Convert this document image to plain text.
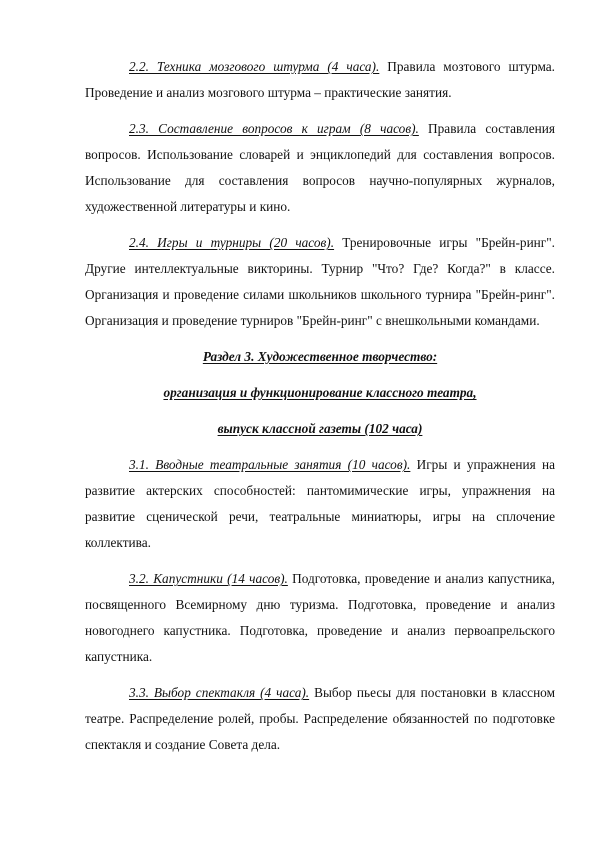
2.2. Техника мозгового штурма (4 часа). Правила мозтового штурма. Проведение и анализ мозгового штурма – практические занятия.

2.3. Составление вопросов к играм (8 часов). Правила составления вопросов. Использование словарей и энциклопедий для составления вопросов. Использование для составления вопросов научно-популярных журналов, художественной литературы и кино.

2.4. Игры и турниры (20 часов). Тренировочные игры "Брейн-ринг". Другие интеллектуальные викторины. Турнир "Что? Где? Когда?" в классе. Организация и проведение силами школьников школьного турнира "Брейн-ринг". Организация и проведение турниров "Брейн-ринг" с внешкольными командами.

Раздел 3. Художественное творчество:

организация и функционирование классного театра,

выпуск классной газеты (102 часа)

3.1. Вводные театральные занятия (10 часов). Игры и упражнения на развитие актерских способностей: пантомимические игры, упражнения на развитие сценической речи, театральные миниатюры, игры на сплочение коллектива.

3.2. Капустники (14 часов). Подготовка, проведение и анализ капустника, посвященного Всемирному дню туризма. Подготовка, проведение и анализ новогоднего капустника. Подготовка, проведение и анализ первоапрельского капустника.

3.3. Выбор спектакля (4 часа). Выбор пьесы для постановки в классном театре. Распределение ролей, пробы. Распределение обязанностей по подготовке спектакля и создание Совета дела.
